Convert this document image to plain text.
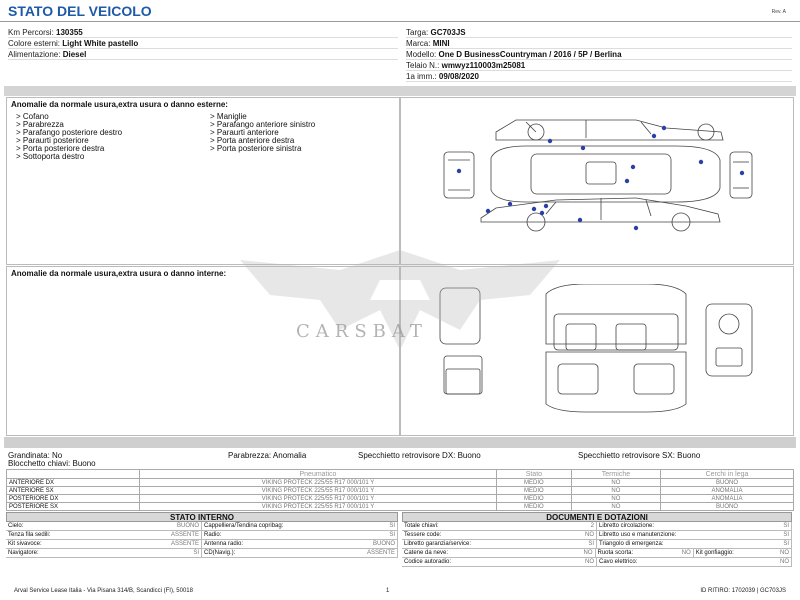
STATO DEL VEICOLO	Rev. A
Km Percorsi: 130355
Colore esterni: Light White pastello
Alimentazione: Diesel
Targa: GC703JS
Marca: MINI
Modello: One D BusinessCountryman / 2016 / 5P / Berlina
Telaio N.: wmwyz110003m25081
1a imm.: 09/08/2020
Anomalie da normale usura,extra usura o danno esterne:
> Cofano
> Parabrezza
> Parafango posteriore destro
> Paraurti posteriore
> Porta posteriore destra
> Sottoporta destro
> Maniglie
> Parafango anteriore sinistro
> Paraurti anteriore
> Porta anteriore destra
> Porta posteriore sinistra
Anomalie da normale usura,extra usura o danno interne:
CARSBAT
Grandinata: No	Parabrezza: Anomalia	Specchietto retrovisore DX: Buono	Specchietto retrovisore SX: Buono
Blocchetto chiavi: Buono
	Pneumatico	Stato	Termiche	Cerchi in lega
ANTERIORE DX	VIKING PROTECK 225/55 R17 000/101 Y	MEDIO	NO	BUONO
ANTERIORE SX	VIKING PROTECK 225/55 R17 000/101 Y	MEDIO	NO	ANOMALIA
POSTERIORE DX	VIKING PROTECK 225/55 R17 000/101 Y	MEDIO	NO	ANOMALIA
POSTERIORE SX	VIKING PROTECK 225/55 R17 000/101 Y	MEDIO	NO	BUONO
STATO INTERNO
Cielo:	BUONO Cappelliera/Tendina copribag:	SI
Tenza fila sedili:	ASSENTE Radio:	SI
Kit sivavoce:	ASSENTE Antenna radio:	BUONO
Navigatore:	SI CD(Navig.):	ASSENTE
DOCUMENTI E DOTAZIONI
Totale chiavi:	2 Libretto circolazione:	SI
Tessere code:	NO Libretto uso e manutenzione:	SI
Libretto garanzia/service:	SI Triangolo di emergenza:	SI
Catene da neve:	NO Ruota scorta:	NO Kit gonfiaggio:	NO
Codice autoradio:	NO Cavo elettrico:	NO
Arval Service Lease Italia - Via Pisana 314/B, Scandicci (FI), 50018	1	ID RITIRO: 1702039 | GC703JS
